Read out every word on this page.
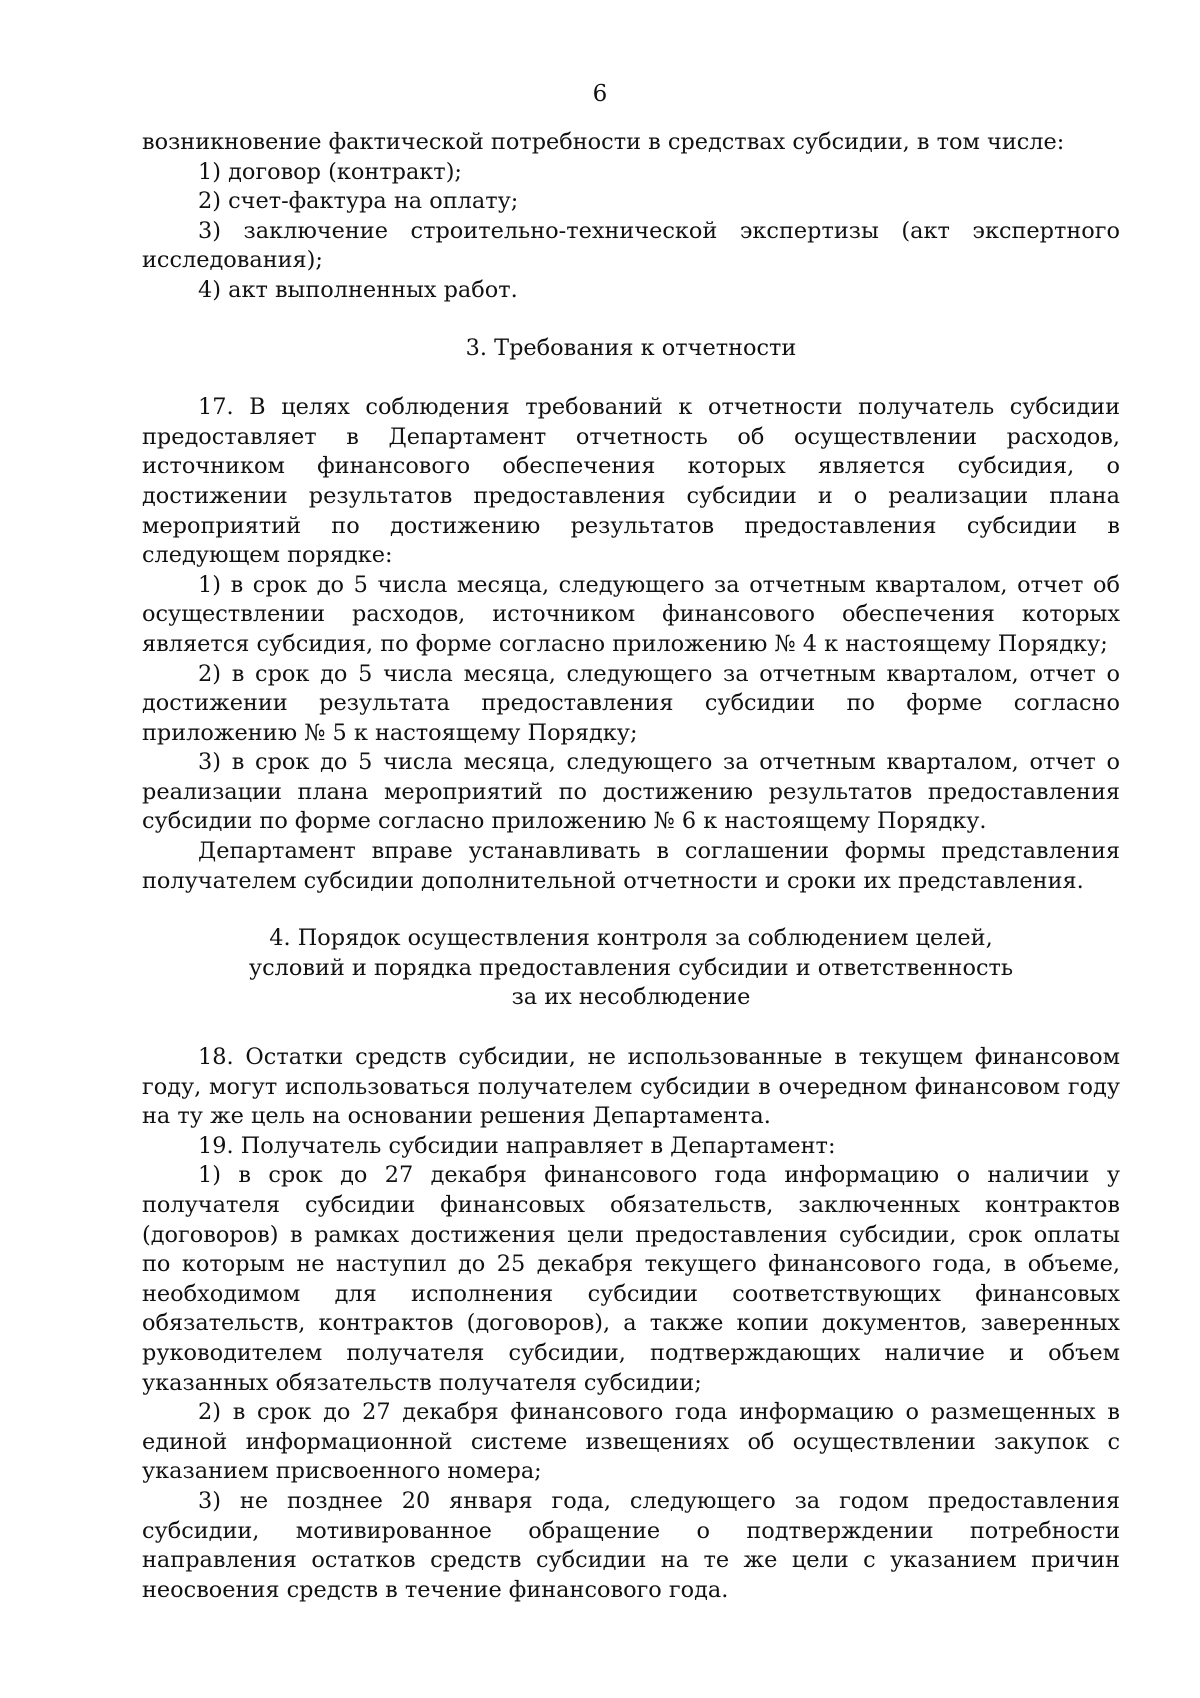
6

возникновение фактической потребности в средствах субсидии, в том числе:

1) договор (контракт);

2) счет-фактура на оплату;

3) заключение строительно-технической экспертизы (акт экспертного исследования);

4) акт выполненных работ.

3. Требования к отчетности

17. В целях соблюдения требований к отчетности получатель субсидии предоставляет в Департамент отчетность об осуществлении расходов, источником финансового обеспечения которых является субсидия, о достижении результатов предоставления субсидии и о реализации плана мероприятий по достижению результатов предоставления субсидии в следующем порядке:

1) в срок до 5 числа месяца, следующего за отчетным кварталом, отчет об осуществлении расходов, источником финансового обеспечения которых является субсидия, по форме согласно приложению № 4 к настоящему Порядку;

2) в срок до 5 числа месяца, следующего за отчетным кварталом, отчет о достижении результата предоставления субсидии по форме согласно приложению № 5 к настоящему Порядку;

3) в срок до 5 числа месяца, следующего за отчетным кварталом, отчет о реализации плана мероприятий по достижению результатов предоставления субсидии по форме согласно приложению № 6 к настоящему Порядку.

Департамент вправе устанавливать в соглашении формы представления получателем субсидии дополнительной отчетности и сроки их представления.

4. Порядок осуществления контроля за соблюдением целей,

условий и порядка предоставления субсидии и ответственность

за их несоблюдение

18. Остатки средств субсидии, не использованные в текущем финансовом году, могут использоваться получателем субсидии в очередном финансовом году на ту же цель на основании решения Департамента.

19. Получатель субсидии направляет в Департамент:

1) в срок до 27 декабря финансового года информацию о наличии у получателя субсидии финансовых обязательств, заключенных контрактов (договоров) в рамках достижения цели предоставления субсидии, срок оплаты по которым не наступил до 25 декабря текущего финансового года, в объеме, необходимом для исполнения субсидии соответствующих финансовых обязательств, контрактов (договоров), а также копии документов, заверенных руководителем получателя субсидии, подтверждающих наличие и объем указанных обязательств получателя субсидии;

2) в срок до 27 декабря финансового года информацию о размещенных в единой информационной системе извещениях об осуществлении закупок с указанием присвоенного номера;

3) не позднее 20 января года, следующего за годом предоставления субсидии, мотивированное обращение о подтверждении потребности направления остатков средств субсидии на те же цели с указанием причин неосвоения средств в течение финансового года.
